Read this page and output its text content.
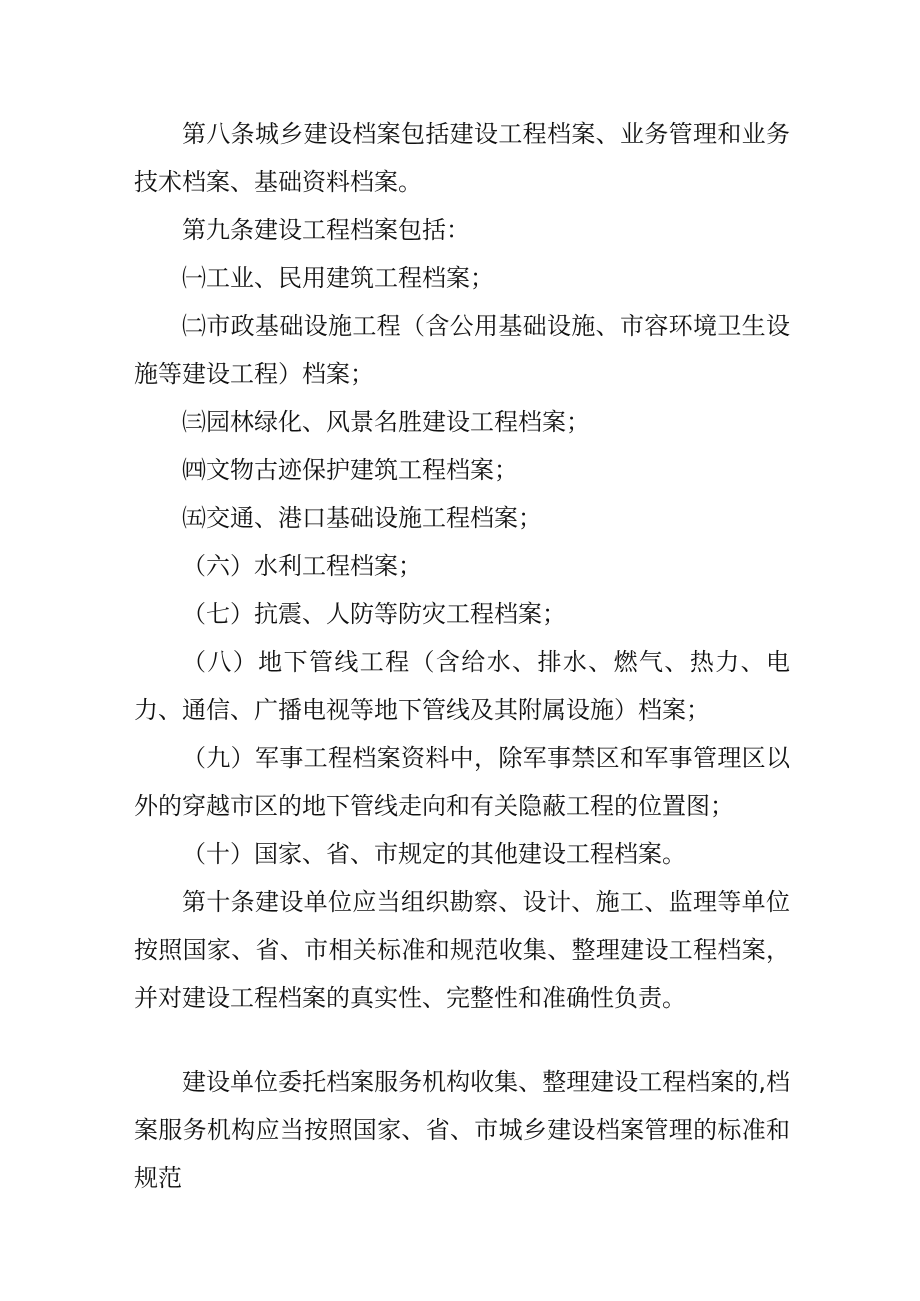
第八条城乡建设档案包括建设工程档案、业务管理和业务技术档案、基础资料档案。

第九条建设工程档案包括：

㈠工业、民用建筑工程档案；

㈡市政基础设施工程（含公用基础设施、市容环境卫生设施等建设工程）档案；

㈢园林绿化、风景名胜建设工程档案；

㈣文物古迹保护建筑工程档案；

㈤交通、港口基础设施工程档案；

（六）水利工程档案；

（七）抗震、人防等防灾工程档案；

（八）地下管线工程（含给水、排水、燃气、热力、电力、通信、广播电视等地下管线及其附属设施）档案；

（九）军事工程档案资料中，除军事禁区和军事管理区以外的穿越市区的地下管线走向和有关隐蔽工程的位置图；

（十）国家、省、市规定的其他建设工程档案。

第十条建设单位应当组织勘察、设计、施工、监理等单位按照国家、省、市相关标准和规范收集、整理建设工程档案，并对建设工程档案的真实性、完整性和准确性负责。

建设单位委托档案服务机构收集、整理建设工程档案的,档案服务机构应当按照国家、省、市城乡建设档案管理的标准和规范
